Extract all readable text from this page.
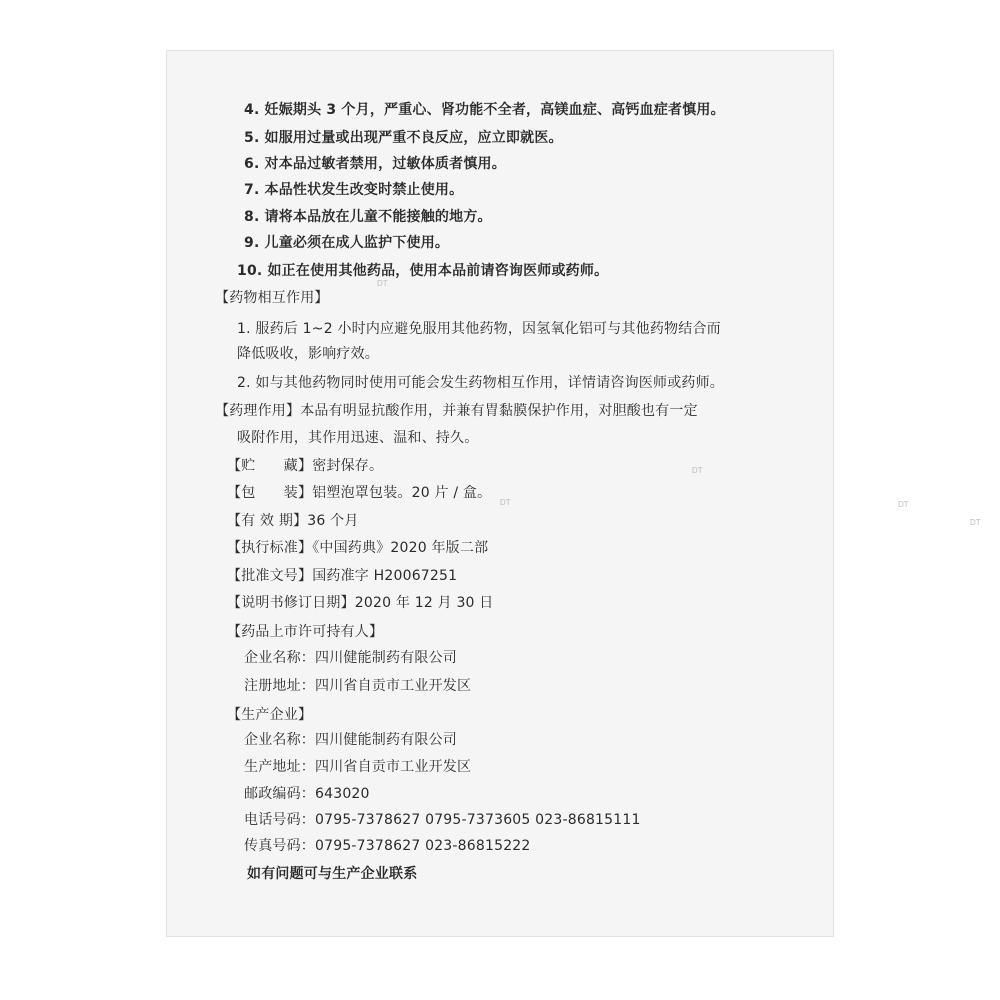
4. 妊娠期头 3 个月，严重心、肾功能不全者，高镁血症、高钙血症者慎用。
5. 如服用过量或出现严重不良反应，应立即就医。
6. 对本品过敏者禁用，过敏体质者慎用。
7. 本品性状发生改变时禁止使用。
8. 请将本品放在儿童不能接触的地方。
9. 儿童必须在成人监护下使用。
10. 如正在使用其他药品，使用本品前请咨询医师或药师。
【药物相互作用】
1. 服药后 1~2 小时内应避免服用其他药物，因氢氧化铝可与其他药物结合而
降低吸收，影响疗效。
2. 如与其他药物同时使用可能会发生药物相互作用，详情请咨询医师或药师。
【药理作用】本品有明显抗酸作用，并兼有胃黏膜保护作用，对胆酸也有一定
吸附作用，其作用迅速、温和、持久。
【贮　　藏】密封保存。
【包　　装】铝塑泡罩包装。20 片 / 盒。
【有 效 期】36 个月
【执行标准】《中国药典》2020 年版二部
【批准文号】国药准字 H20067251
【说明书修订日期】2020 年 12 月 30 日
【药品上市许可持有人】
企业名称：四川健能制药有限公司
注册地址：四川省自贡市工业开发区
【生产企业】
企业名称：四川健能制药有限公司
生产地址：四川省自贡市工业开发区
邮政编码：643020
电话号码：0795-7378627 0795-7373605 023-86815111
传真号码：0795-7378627 023-86815222
如有问题可与生产企业联系
DT
DT
DT	DT
DT
